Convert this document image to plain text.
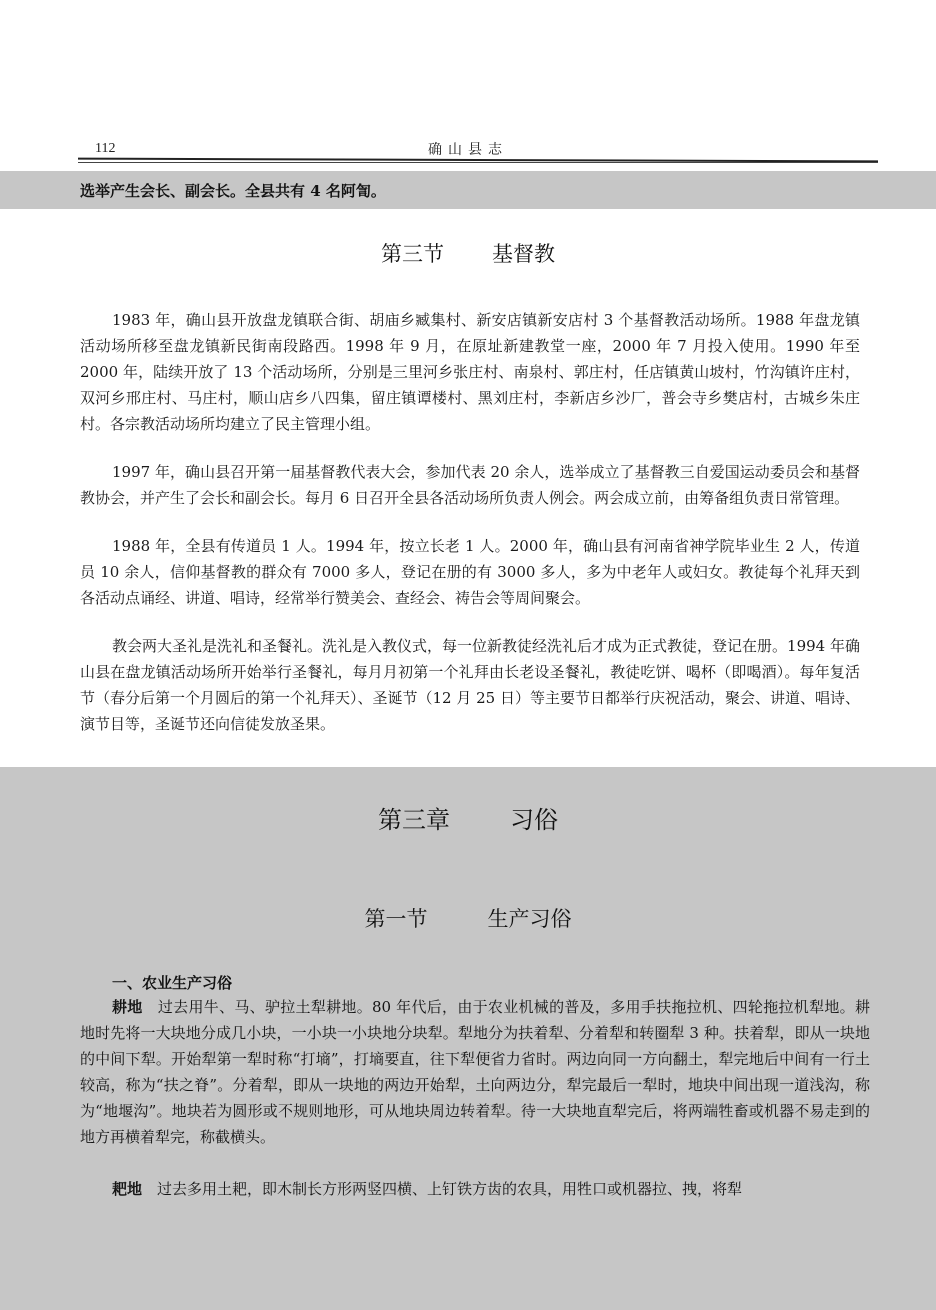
112	确山县志

选举产生会长、副会长。全县共有 4 名阿訇。

第三节 基督教

1983 年，确山县开放盘龙镇联合街、胡庙乡臧集村、新安店镇新安店村 3 个基督教活动场所。1988 年盘龙镇活动场所移至盘龙镇新民街南段路西。1998 年 9 月，在原址新建教堂一座，2000 年 7 月投入使用。1990 年至 2000 年，陆续开放了 13 个活动场所，分别是三里河乡张庄村、南泉村、郭庄村，任店镇黄山坡村，竹沟镇许庄村，双河乡邢庄村、马庄村，顺山店乡八四集，留庄镇谭楼村、黑刘庄村，李新店乡沙厂，普会寺乡樊店村，古城乡朱庄村。各宗教活动场所均建立了民主管理小组。

1997 年，确山县召开第一届基督教代表大会，参加代表 20 余人，选举成立了基督教三自爱国运动委员会和基督教协会，并产生了会长和副会长。每月 6 日召开全县各活动场所负责人例会。两会成立前，由筹备组负责日常管理。

1988 年，全县有传道员 1 人。1994 年，按立长老 1 人。2000 年，确山县有河南省神学院毕业生 2 人，传道员 10 余人，信仰基督教的群众有 7000 多人，登记在册的有 3000 多人，多为中老年人或妇女。教徒每个礼拜天到各活动点诵经、讲道、唱诗，经常举行赞美会、查经会、祷告会等周间聚会。

教会两大圣礼是洗礼和圣餐礼。洗礼是入教仪式，每一位新教徒经洗礼后才成为正式教徒，登记在册。1994 年确山县在盘龙镇活动场所开始举行圣餐礼，每月月初第一个礼拜由长老设圣餐礼，教徒吃饼、喝杯（即喝酒）。每年复活节（春分后第一个月圆后的第一个礼拜天）、圣诞节（12 月 25 日）等主要节日都举行庆祝活动，聚会、讲道、唱诗、演节目等，圣诞节还向信徒发放圣果。

第三章	习俗
第一节	生产习俗
一、农业生产习俗

耕地　 过去用牛、马、驴拉土犁耕地。80 年代后，由于农业机械的普及，多用手扶拖拉机、四轮拖拉机犁地。耕地时先将一大块地分成几小块，一小块一小块地分块犁。犁地分为扶着犁、分着犁和转圈犁 3 种。扶着犁，即从一块地的中间下犁。开始犁第一犁时称“打墒”，打墒要直，往下犁便省力省时。两边向同一方向翻土，犁完地后中间有一行土较高，称为“扶之脊”。分着犁，即从一块地的两边开始犁，土向两边分，犁完最后一犁时，地块中间出现一道浅沟，称为“地堰沟”。地块若为圆形或不规则地形，可从地块周边转着犁。待一大块地直犁完后，将两端牲畜或机器不易走到的地方再横着犁完，称截横头。

耙地　 过去多用土耙，即木制长方形两竖四横、上钉铁方齿的农具，用牲口或机器拉、拽，将犁
